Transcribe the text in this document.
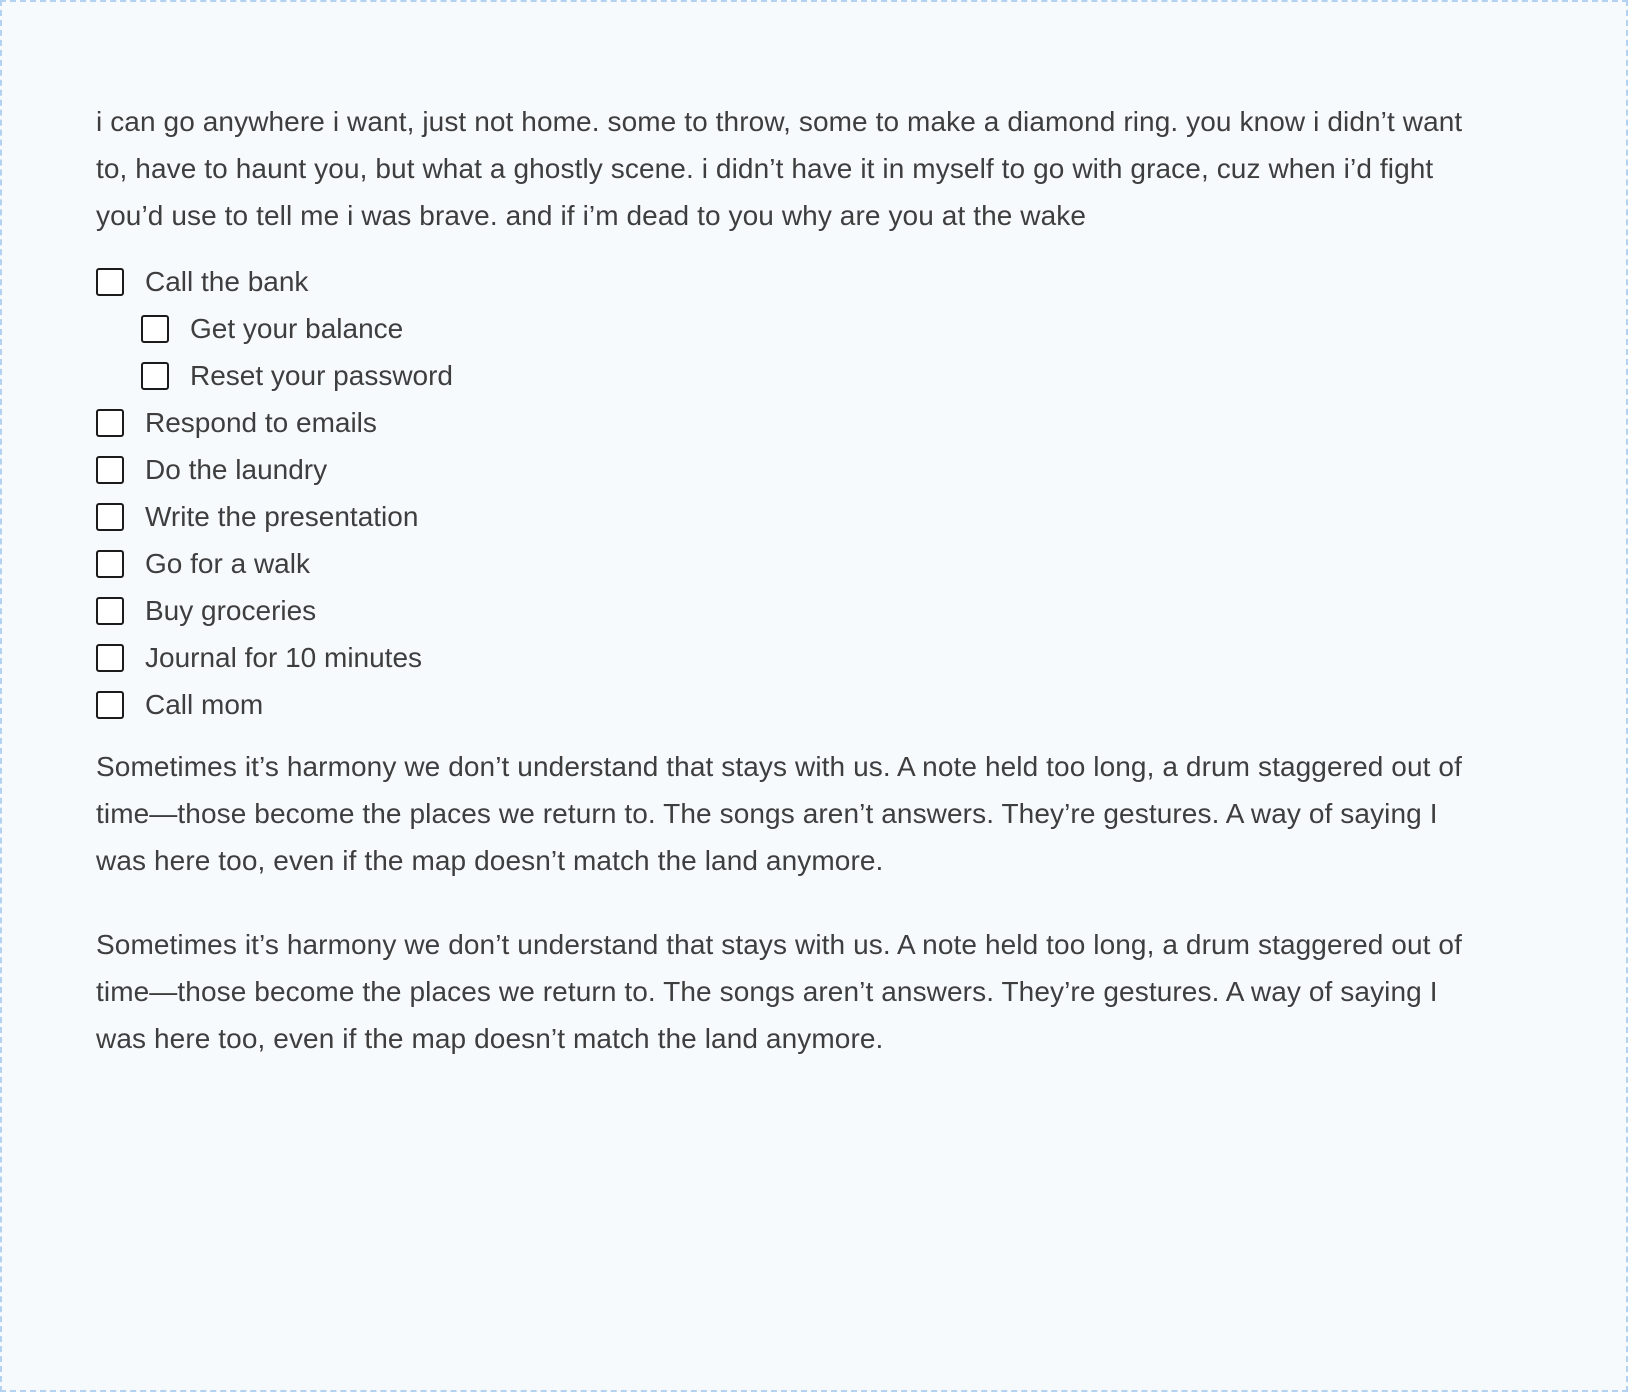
i can go anywhere i want, just not home. some to throw, some to make a diamond ring. you know i didn’t want to, have to haunt you, but what a ghostly scene. i didn’t have it in myself to go with grace, cuz when i’d fight you’d use to tell me i was brave. and if i’m dead to you why are you at the wake

Call the bank
Get your balance
Reset your password
Respond to emails
Do the laundry
Write the presentation
Go for a walk
Buy groceries
Journal for 10 minutes
Call mom

Sometimes it’s harmony we don’t understand that stays with us. A note held too long, a drum staggered out of time—those become the places we return to. The songs aren’t answers. They’re gestures. A way of saying I was here too, even if the map doesn’t match the land anymore.

Sometimes it’s harmony we don’t understand that stays with us. A note held too long, a drum staggered out of time—those become the places we return to. The songs aren’t answers. They’re gestures. A way of saying I was here too, even if the map doesn’t match the land anymore.
